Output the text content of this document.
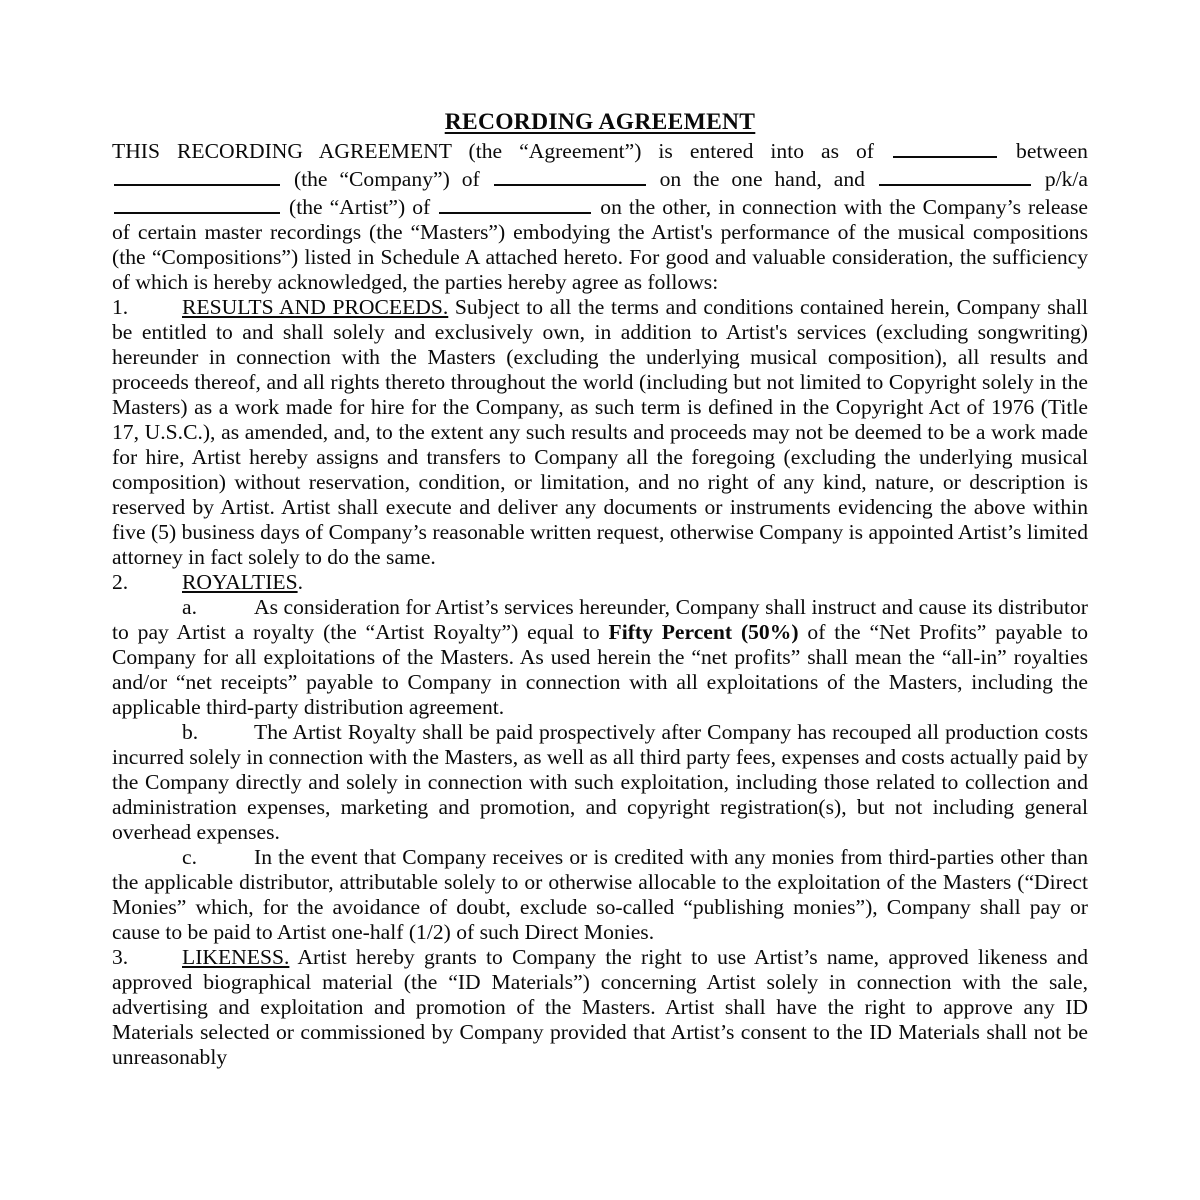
RECORDING AGREEMENT

THIS RECORDING AGREEMENT (the “Agreement”) is entered into as of	between  (the “Company”) of	on the one hand, and	p/k/a  (the “Artist”) of	on the other, in connection with the Company’s release of certain master recordings (the “Masters”) embodying the Artist's performance of the musical compositions (the “Compositions”) listed in Schedule A attached hereto. For good and valuable consideration, the sufficiency of which is hereby acknowledged, the parties hereby agree as follows:

1. RESULTS AND PROCEEDS. Subject to all the terms and conditions contained herein, Company shall be entitled to and shall solely and exclusively own, in addition to Artist's services (excluding songwriting) hereunder in connection with the Masters (excluding the underlying musical composition), all results and proceeds thereof, and all rights thereto throughout the world (including but not limited to Copyright solely in the Masters) as a work made for hire for the Company, as such term is defined in the Copyright Act of 1976 (Title 17, U.S.C.), as amended, and, to the extent any such results and proceeds may not be deemed to be a work made for hire, Artist hereby assigns and transfers to Company all the foregoing (excluding the underlying musical composition) without reservation, condition, or limitation, and no right of any kind, nature, or description is reserved by Artist. Artist shall execute and deliver any documents or instruments evidencing the above within five (5) business days of Company’s reasonable written request, otherwise Company is appointed Artist’s limited attorney in fact solely to do the same.

2. ROYALTIES.

a.	As consideration for Artist’s services hereunder, Company shall instruct and cause its distributor to pay Artist a royalty (the “Artist Royalty”) equal to Fifty Percent (50%) of the “Net Profits” payable to Company for all exploitations of the Masters. As used herein the “net profits” shall mean the “all-in” royalties and/or “net receipts” payable to Company in connection with all exploitations of the Masters, including the applicable third-party distribution agreement.

b.	The Artist Royalty shall be paid prospectively after Company has recouped all production costs incurred solely in connection with the Masters, as well as all third party fees, expenses and costs actually paid by the Company directly and solely in connection with such exploitation, including those related to collection and administration expenses, marketing and promotion, and copyright registration(s), but not including general overhead expenses.

c.	In the event that Company receives or is credited with any monies from third-parties other than the applicable distributor, attributable solely to or otherwise allocable to the exploitation of the Masters (“Direct Monies” which, for the avoidance of doubt, exclude so-called “publishing monies”), Company shall pay or cause to be paid to Artist one-half (1/2) of such Direct Monies.

3. LIKENESS. Artist hereby grants to Company the right to use Artist’s name, approved likeness and approved biographical material (the “ID Materials”) concerning Artist solely in connection with the sale, advertising and exploitation and promotion of the Masters. Artist shall have the right to approve any ID Materials selected or commissioned by Company provided that Artist’s consent to the ID Materials shall not be unreasonably
